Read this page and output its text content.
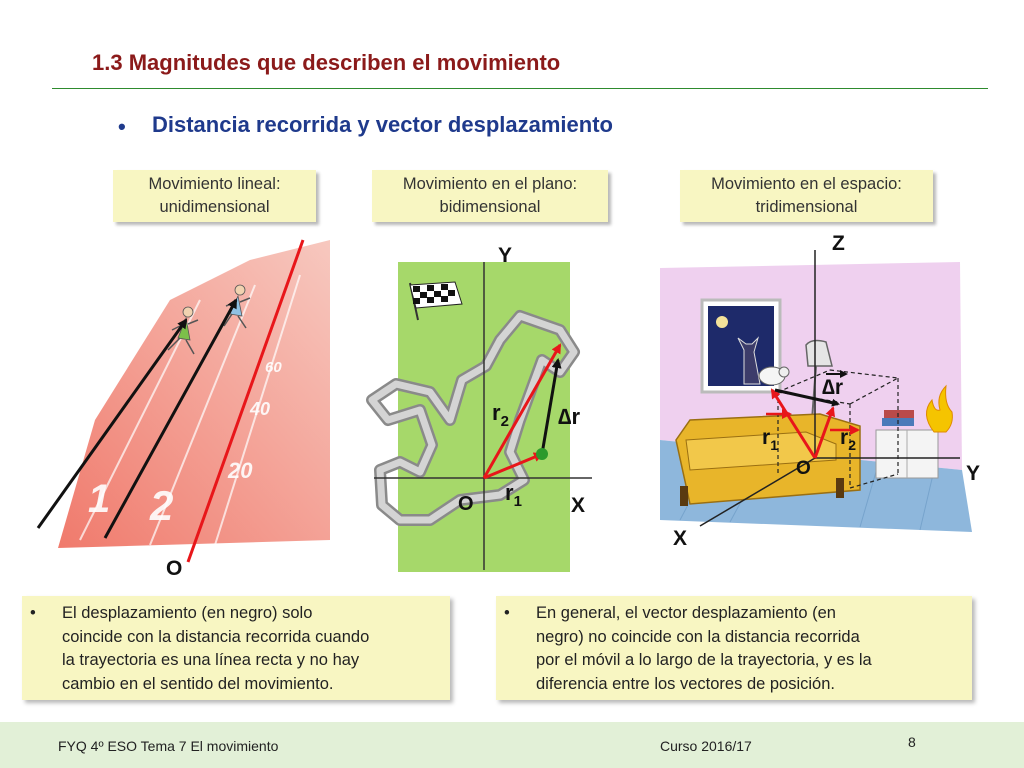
1.3 Magnitudes que describen el movimiento
• Distancia recorrida y vector desplazamiento
Movimiento lineal:
unidimensional
Movimiento en el plano:
bidimensional
Movimiento en el espacio:
tridimensional
1 2
20
40
60
O
Y
X
O $r_1$
$r_2$ ∆r
Z
Y
X
O
$r_1$	$r_2$
∆r
• El desplazamiento (en negro) solo
coincide con la distancia recorrida cuando
la trayectoria es una línea recta y no hay
cambio en el sentido del movimiento.
• En general, el vector desplazamiento (en
negro) no coincide con la distancia recorrida
por el móvil a lo largo de la trayectoria, y es la
diferencia entre los vectores de posición.
FYQ 4º ESO Tema 7 El movimiento	Curso 2016/17	8
